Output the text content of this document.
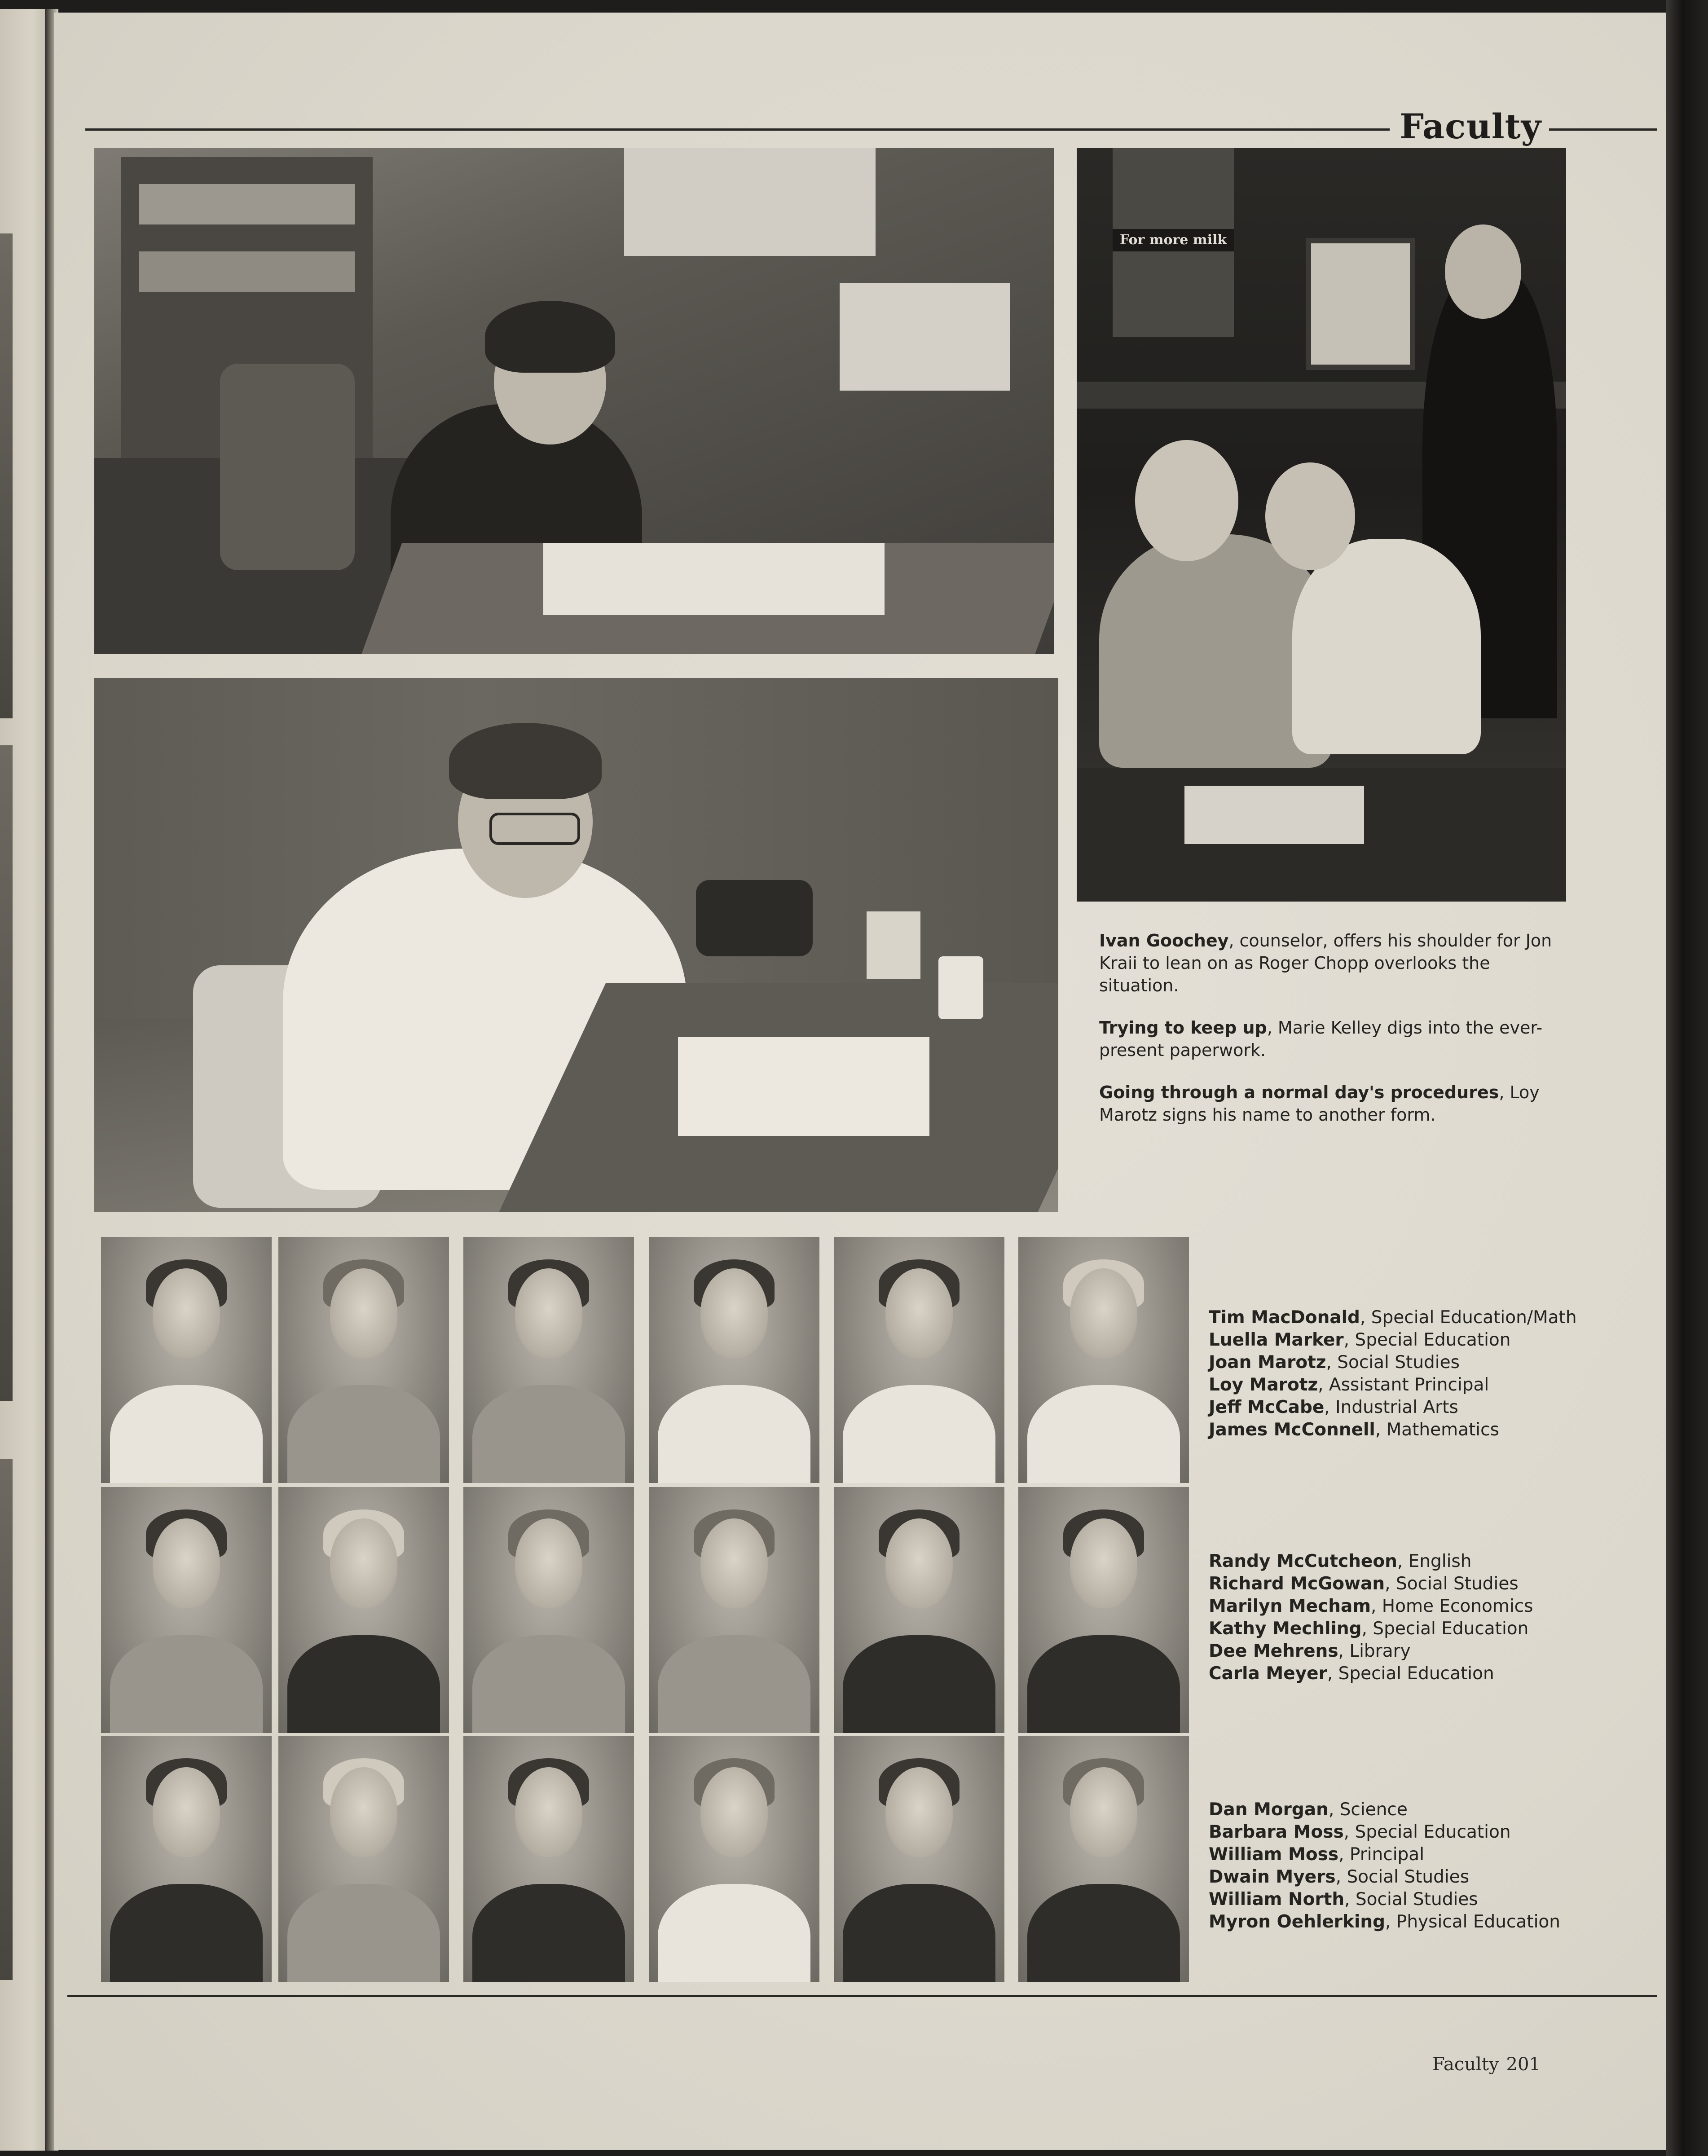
Faculty
For more milk

Ivan Goochey, counselor, offers his shoulder for Jon Kraii to lean on as Roger Chopp overlooks the situation.

Trying to keep up, Marie Kelley digs into the ever-present paperwork.

Going through a normal day's procedures, Loy Marotz signs his name to another form.

Tim MacDonald, Special Education/Math
Luella Marker, Special Education
Joan Marotz, Social Studies
Loy Marotz, Assistant Principal
Jeff McCabe, Industrial Arts
James McConnell, Mathematics
Randy McCutcheon, English
Richard McGowan, Social Studies
Marilyn Mecham, Home Economics
Kathy Mechling, Special Education
Dee Mehrens, Library
Carla Meyer, Special Education
Dan Morgan, Science
Barbara Moss, Special Education
William Moss, Principal
Dwain Myers, Social Studies
William North, Social Studies
Myron Oehlerking, Physical Education
Faculty 201
